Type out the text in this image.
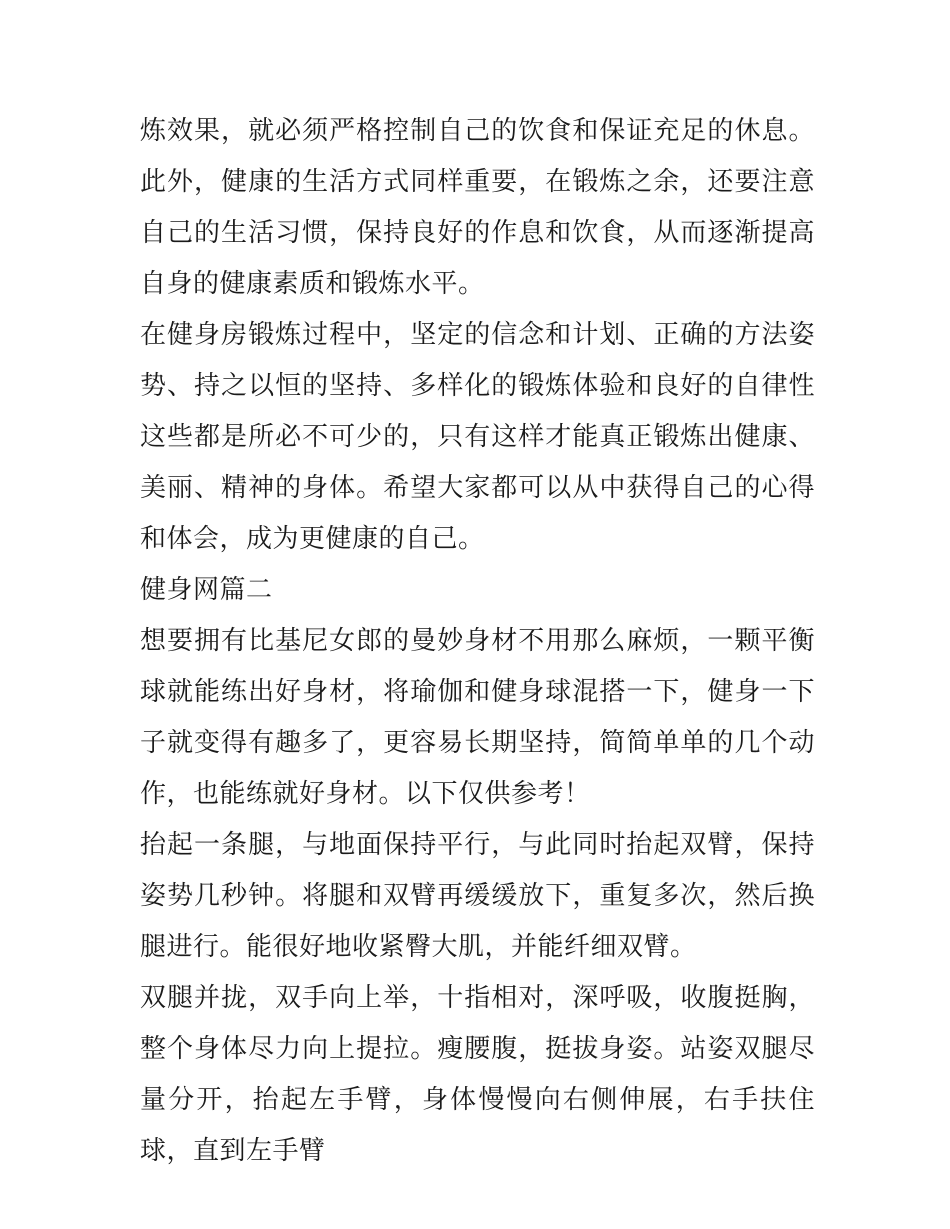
炼效果，就必须严格控制自己的饮食和保证充足的休息。此外，健康的生活方式同样重要，在锻炼之余，还要注意自己的生活习惯，保持良好的作息和饮食，从而逐渐提高自身的健康素质和锻炼水平。

在健身房锻炼过程中，坚定的信念和计划、正确的方法姿势、持之以恒的坚持、多样化的锻炼体验和良好的自律性这些都是所必不可少的，只有这样才能真正锻炼出健康、美丽、精神的身体。希望大家都可以从中获得自己的心得和体会，成为更健康的自己。

健身网篇二

想要拥有比基尼女郎的曼妙身材不用那么麻烦，一颗平衡球就能练出好身材，将瑜伽和健身球混搭一下，健身一下子就变得有趣多了，更容易长期坚持，简简单单的几个动作，也能练就好身材。以下仅供参考！

抬起一条腿，与地面保持平行，与此同时抬起双臂，保持姿势几秒钟。将腿和双臂再缓缓放下，重复多次，然后换腿进行。能很好地收紧臀大肌，并能纤细双臂。

双腿并拢，双手向上举，十指相对，深呼吸，收腹挺胸，整个身体尽力向上提拉。瘦腰腹，挺拔身姿。站姿双腿尽量分开，抬起左手臂，身体慢慢向右侧伸展，右手扶住球，直到左手臂
